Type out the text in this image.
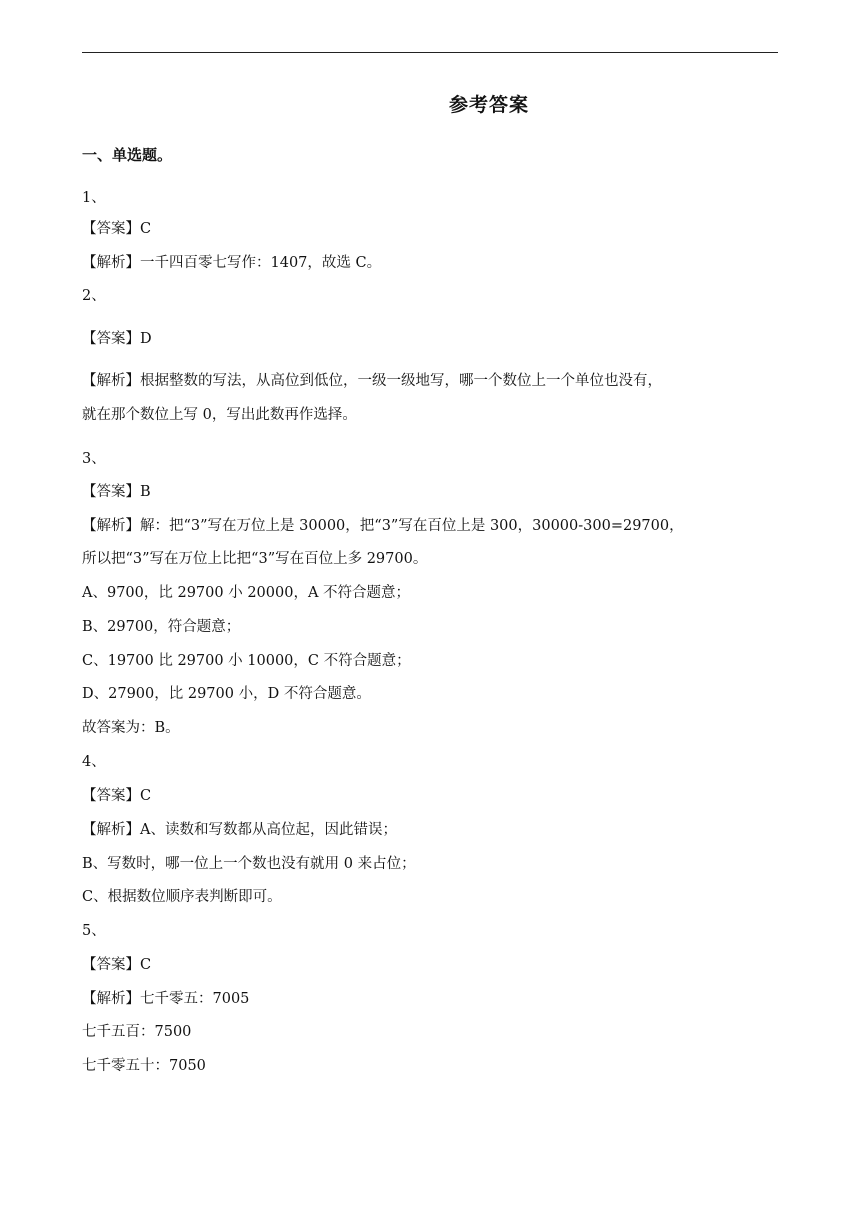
参考答案
一、单选题。
1、
【答案】C
【解析】一千四百零七写作：1407，故选 C。
2、
【答案】D
【解析】根据整数的写法，从高位到低位，一级一级地写，哪一个数位上一个单位也没有，
就在那个数位上写 0，写出此数再作选择。
3、
【答案】B
【解析】解：把“3”写在万位上是 30000，把“3”写在百位上是 300，30000-300=29700，
所以把“3”写在万位上比把“3”写在百位上多 29700。
A、9700，比 29700 小 20000，A 不符合题意；
B、29700，符合题意；
C、19700 比 29700 小 10000，C 不符合题意；
D、27900，比 29700 小，D 不符合题意。
故答案为：B。
4、
【答案】C
【解析】A、读数和写数都从高位起，因此错误；
B、写数时，哪一位上一个数也没有就用 0 来占位；
C、根据数位顺序表判断即可。
5、
【答案】C
【解析】七千零五：7005
七千五百：7500
七千零五十：7050
